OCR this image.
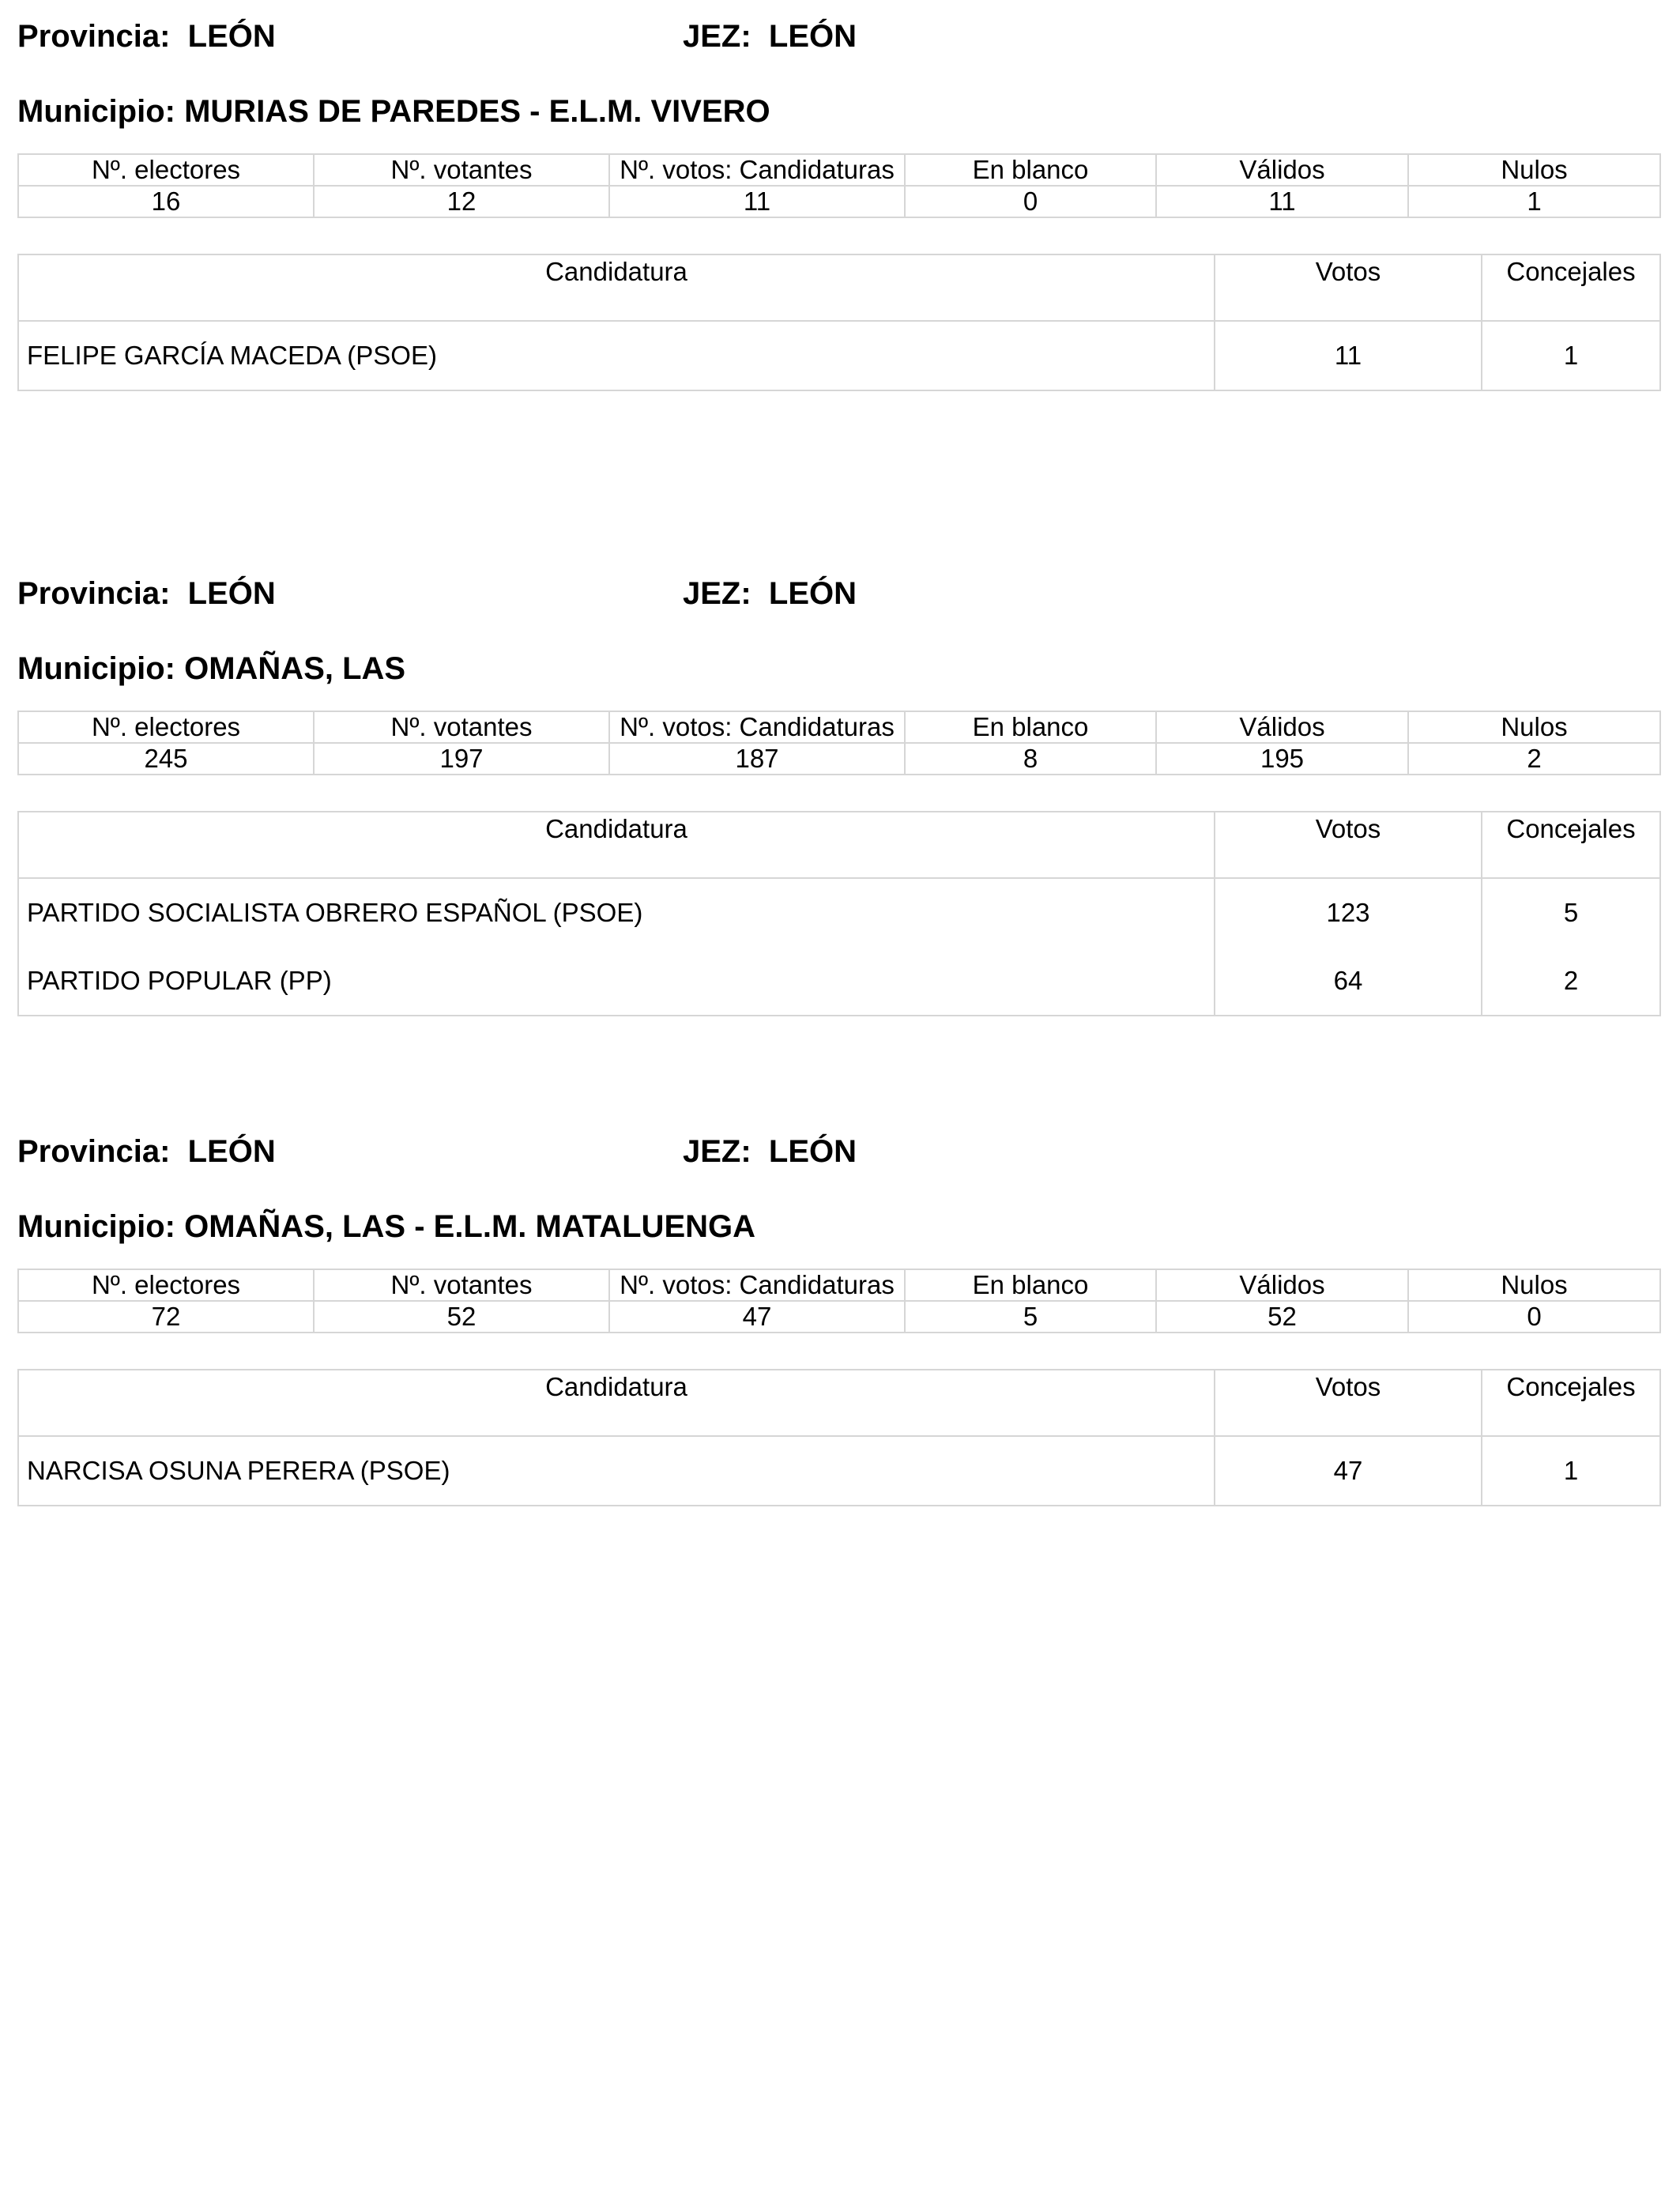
Provincia: LEÓN	JEZ: LEÓN
Municipio: MURIAS DE PAREDES - E.L.M. VIVERO
Nº. electores	Nº. votantes	Nº. votos: Candidaturas	En blanco	Válidos	Nulos
16	12	11	0	11	1
Candidatura	Votos	Concejales
FELIPE GARCÍA MACEDA (PSOE)	11	1
Provincia: LEÓN	JEZ: LEÓN
Municipio: OMAÑAS, LAS
Nº. electores	Nº. votantes	Nº. votos: Candidaturas	En blanco	Válidos	Nulos
245	197	187	8	195	2
Candidatura	Votos	Concejales
PARTIDO SOCIALISTA OBRERO ESPAÑOL (PSOE)	123	5
PARTIDO POPULAR (PP)	64	2
Provincia: LEÓN	JEZ: LEÓN
Municipio: OMAÑAS, LAS - E.L.M. MATALUENGA
Nº. electores	Nº. votantes	Nº. votos: Candidaturas	En blanco	Válidos	Nulos
72	52	47	5	52	0
Candidatura	Votos	Concejales
NARCISA OSUNA PERERA (PSOE)	47	1
